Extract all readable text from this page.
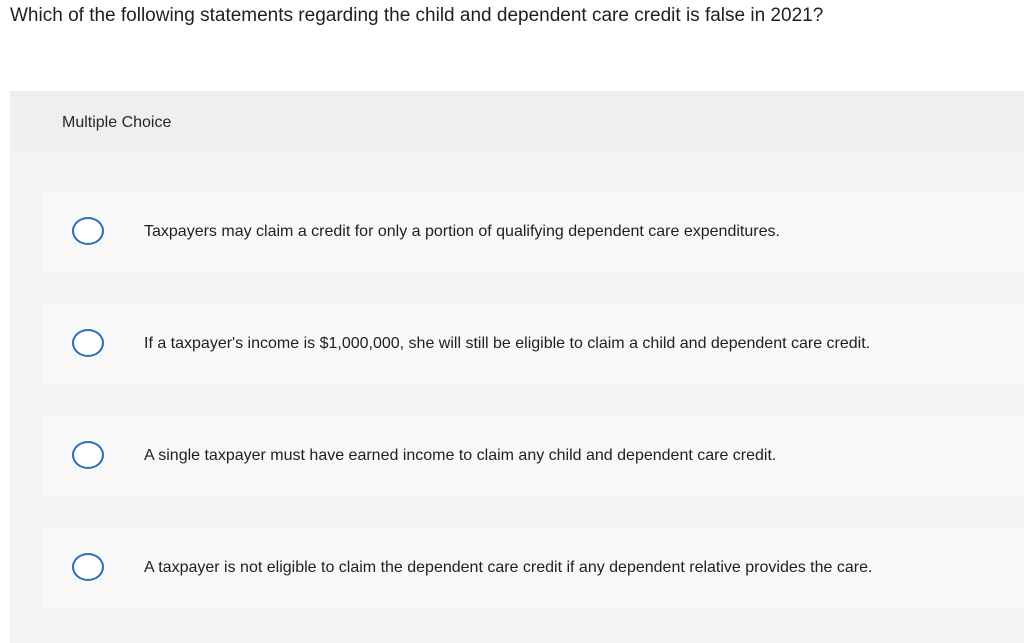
Which of the following statements regarding the child and dependent care credit is false in 2021?
Multiple Choice
Taxpayers may claim a credit for only a portion of qualifying dependent care expenditures.
If a taxpayer's income is $1,000,000, she will still be eligible to claim a child and dependent care credit.
A single taxpayer must have earned income to claim any child and dependent care credit.
A taxpayer is not eligible to claim the dependent care credit if any dependent relative provides the care.
